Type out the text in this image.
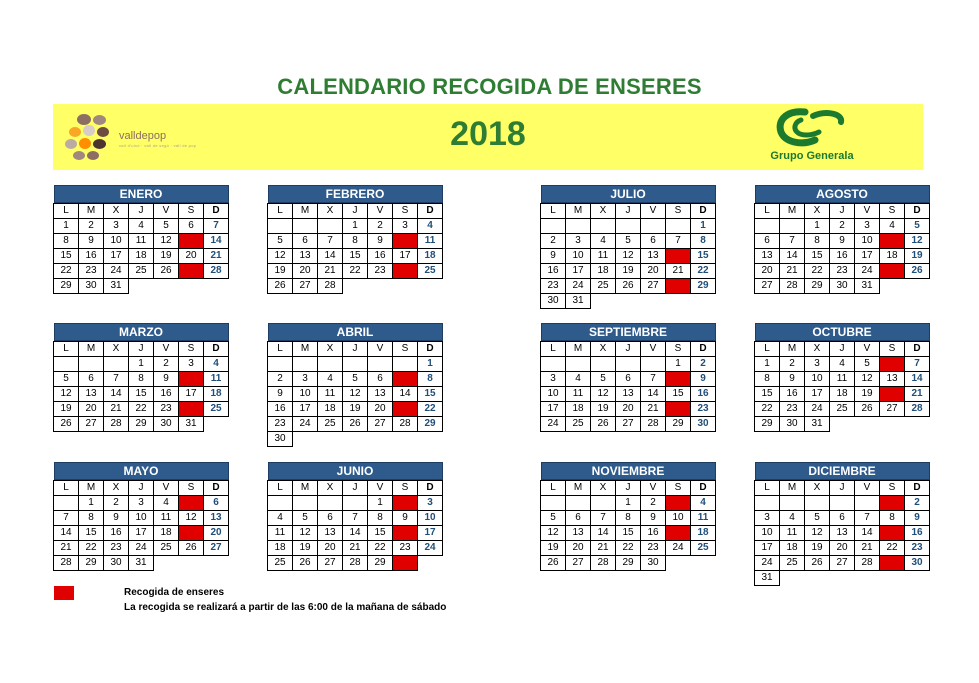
CALENDARIO RECOGIDA DE ENSERES
valldepop
vall d'uixó · vall de segó · vall de pop	2018
Grupo Generala
ENERO						

L	M	X	J	V	S	D
1	2	3	4	5	6	7
8	9	10	11	12	13	14
15	16	17	18	19	20	21
22	23	24	25	26	27	28
29	30	31				
FEBRERO						

L	M	X	J	V	S	D
			1	2	3	4
5	6	7	8	9	10	11
12	13	14	15	16	17	18
19	20	21	22	23	24	25
26	27	28				
JULIO						

L	M	X	J	V	S	D
						1
2	3	4	5	6	7	8
9	10	11	12	13	14	15
16	17	18	19	20	21	22
23	24	25	26	27	28	29
30	31					
AGOSTO						

L	M	X	J	V	S	D
		1	2	3	4	5
6	7	8	9	10	11	12
13	14	15	16	17	18	19
20	21	22	23	24	25	26
27	28	29	30	31		
MARZO						

L	M	X	J	V	S	D
			1	2	3	4
5	6	7	8	9	10	11
12	13	14	15	16	17	18
19	20	21	22	23	24	25
26	27	28	29	30	31	
ABRIL						

L	M	X	J	V	S	D
						1
2	3	4	5	6	7	8
9	10	11	12	13	14	15
16	17	18	19	20	21	22
23	24	25	26	27	28	29
30						
SEPTIEMBRE						

L	M	X	J	V	S	D
					1	2
3	4	5	6	7	8	9
10	11	12	13	14	15	16
17	18	19	20	21	22	23
24	25	26	27	28	29	30
OCTUBRE						

L	M	X	J	V	S	D
1	2	3	4	5	6	7
8	9	10	11	12	13	14
15	16	17	18	19	20	21
22	23	24	25	26	27	28
29	30	31				
MAYO						

L	M	X	J	V	S	D
	1	2	3	4	5	6
7	8	9	10	11	12	13
14	15	16	17	18	19	20
21	22	23	24	25	26	27
28	29	30	31			
JUNIO						

L	M	X	J	V	S	D
				1	2	3
4	5	6	7	8	9	10
11	12	13	14	15	16	17
18	19	20	21	22	23	24
25	26	27	28	29	30	
NOVIEMBRE						

L	M	X	J	V	S	D
			1	2	3	4
5	6	7	8	9	10	11
12	13	14	15	16	17	18
19	20	21	22	23	24	25
26	27	28	29	30		
DICIEMBRE						

L	M	X	J	V	S	D
					1	2
3	4	5	6	7	8	9
10	11	12	13	14	15	16
17	18	19	20	21	22	23
24	25	26	27	28	29	30
31						
Recogida de enseres
La recogida se realizará a partir de las 6:00 de la mañana de sábado
